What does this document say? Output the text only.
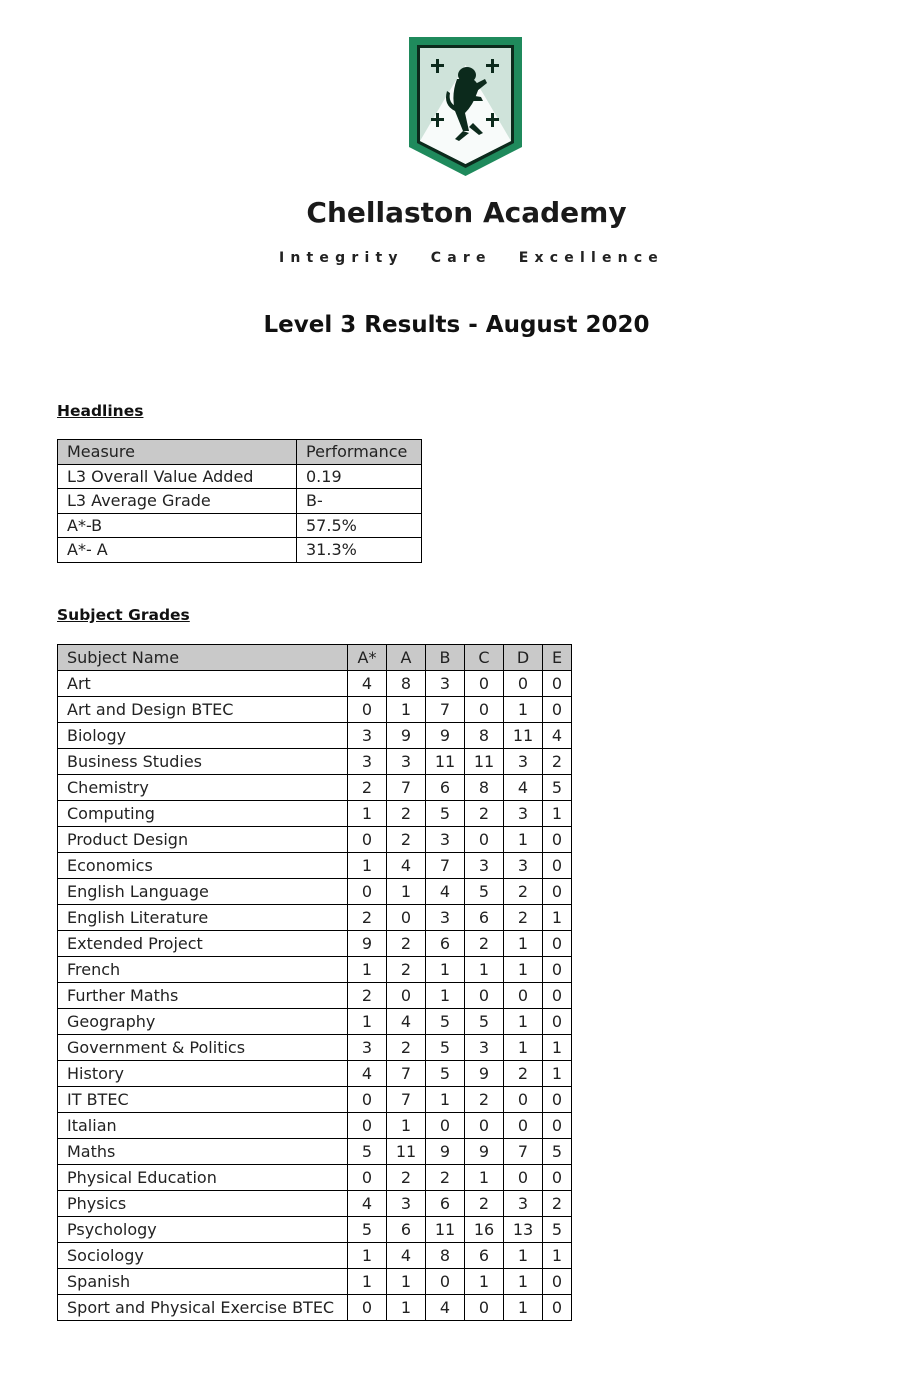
Chellaston Academy
Integrity Care Excellence
Level 3 Results - August 2020
Headlines
Measure	Performance
L3 Overall Value Added	0.19
L3 Average Grade	B-
A*-B	57.5%
A*- A	31.3%
Subject Grades
Subject Name	A*	A	B	C	D	E
Art	4	8	3	0	0	0
Art and Design BTEC	0	1	7	0	1	0
Biology	3	9	9	8	11	4
Business Studies	3	3	11	11	3	2
Chemistry	2	7	6	8	4	5
Computing	1	2	5	2	3	1
Product Design	0	2	3	0	1	0
Economics	1	4	7	3	3	0
English Language	0	1	4	5	2	0
English Literature	2	0	3	6	2	1
Extended Project	9	2	6	2	1	0
French	1	2	1	1	1	0
Further Maths	2	0	1	0	0	0
Geography	1	4	5	5	1	0
Government & Politics	3	2	5	3	1	1
History	4	7	5	9	2	1
IT BTEC	0	7	1	2	0	0
Italian	0	1	0	0	0	0
Maths	5	11	9	9	7	5
Physical Education	0	2	2	1	0	0
Physics	4	3	6	2	3	2
Psychology	5	6	11	16	13	5
Sociology	1	4	8	6	1	1
Spanish	1	1	0	1	1	0
Sport and Physical Exercise BTEC	0	1	4	0	1	0
